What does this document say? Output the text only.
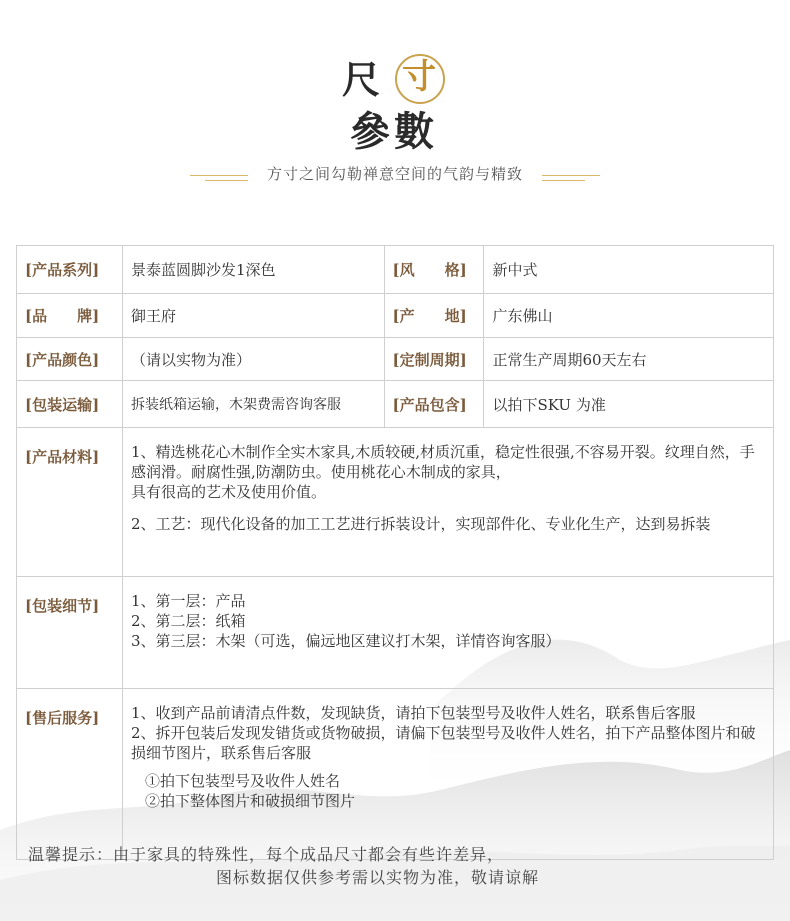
尺 寸
參數
方寸之间勾勒禅意空间的气韵与精致
[产品系列]	景泰蓝圆脚沙发1深色	[风　　格]	新中式
[品　　牌]	御王府	[产　　地]	广东佛山
[产品颜色]	（请以实物为准）	[定制周期]	正常生产周期60天左右
[包装运输]	拆装纸箱运输，木架费需咨询客服	[产品包含]	以拍下SKU 为准
[产品材料]	1、精选桃花心木制作全实木家具,木质较硬,材质沉重，稳定性很强,不容易开裂。纹理自然，手感润滑。耐腐性强,防潮防虫。使用桃花心木制成的家具，

具有很高的艺术及使用价值。

2、工艺：现代化设备的加工工艺进行拆装设计，实现部件化、专业化生产，达到易拆装		

[包装细节]	1、第一层：产品

2、第二层：纸箱

3、第三层：木架（可选，偏远地区建议打木架，详情咨询客服）		

[售后服务]	1、收到产品前请清点件数，发现缺货，请拍下包装型号及收件人姓名，联系售后客服

2、拆开包装后发现发错货或货物破损，请偏下包装型号及收件人姓名，拍下产品整体图片和破损细节图片，联系售后客服

①拍下包装型号及收件人姓名

②拍下整体图片和破损细节图片		

温馨提示：由于家具的特殊性，每个成品尺寸都会有些许差异，
图标数据仅供参考需以实物为准，敬请谅解
